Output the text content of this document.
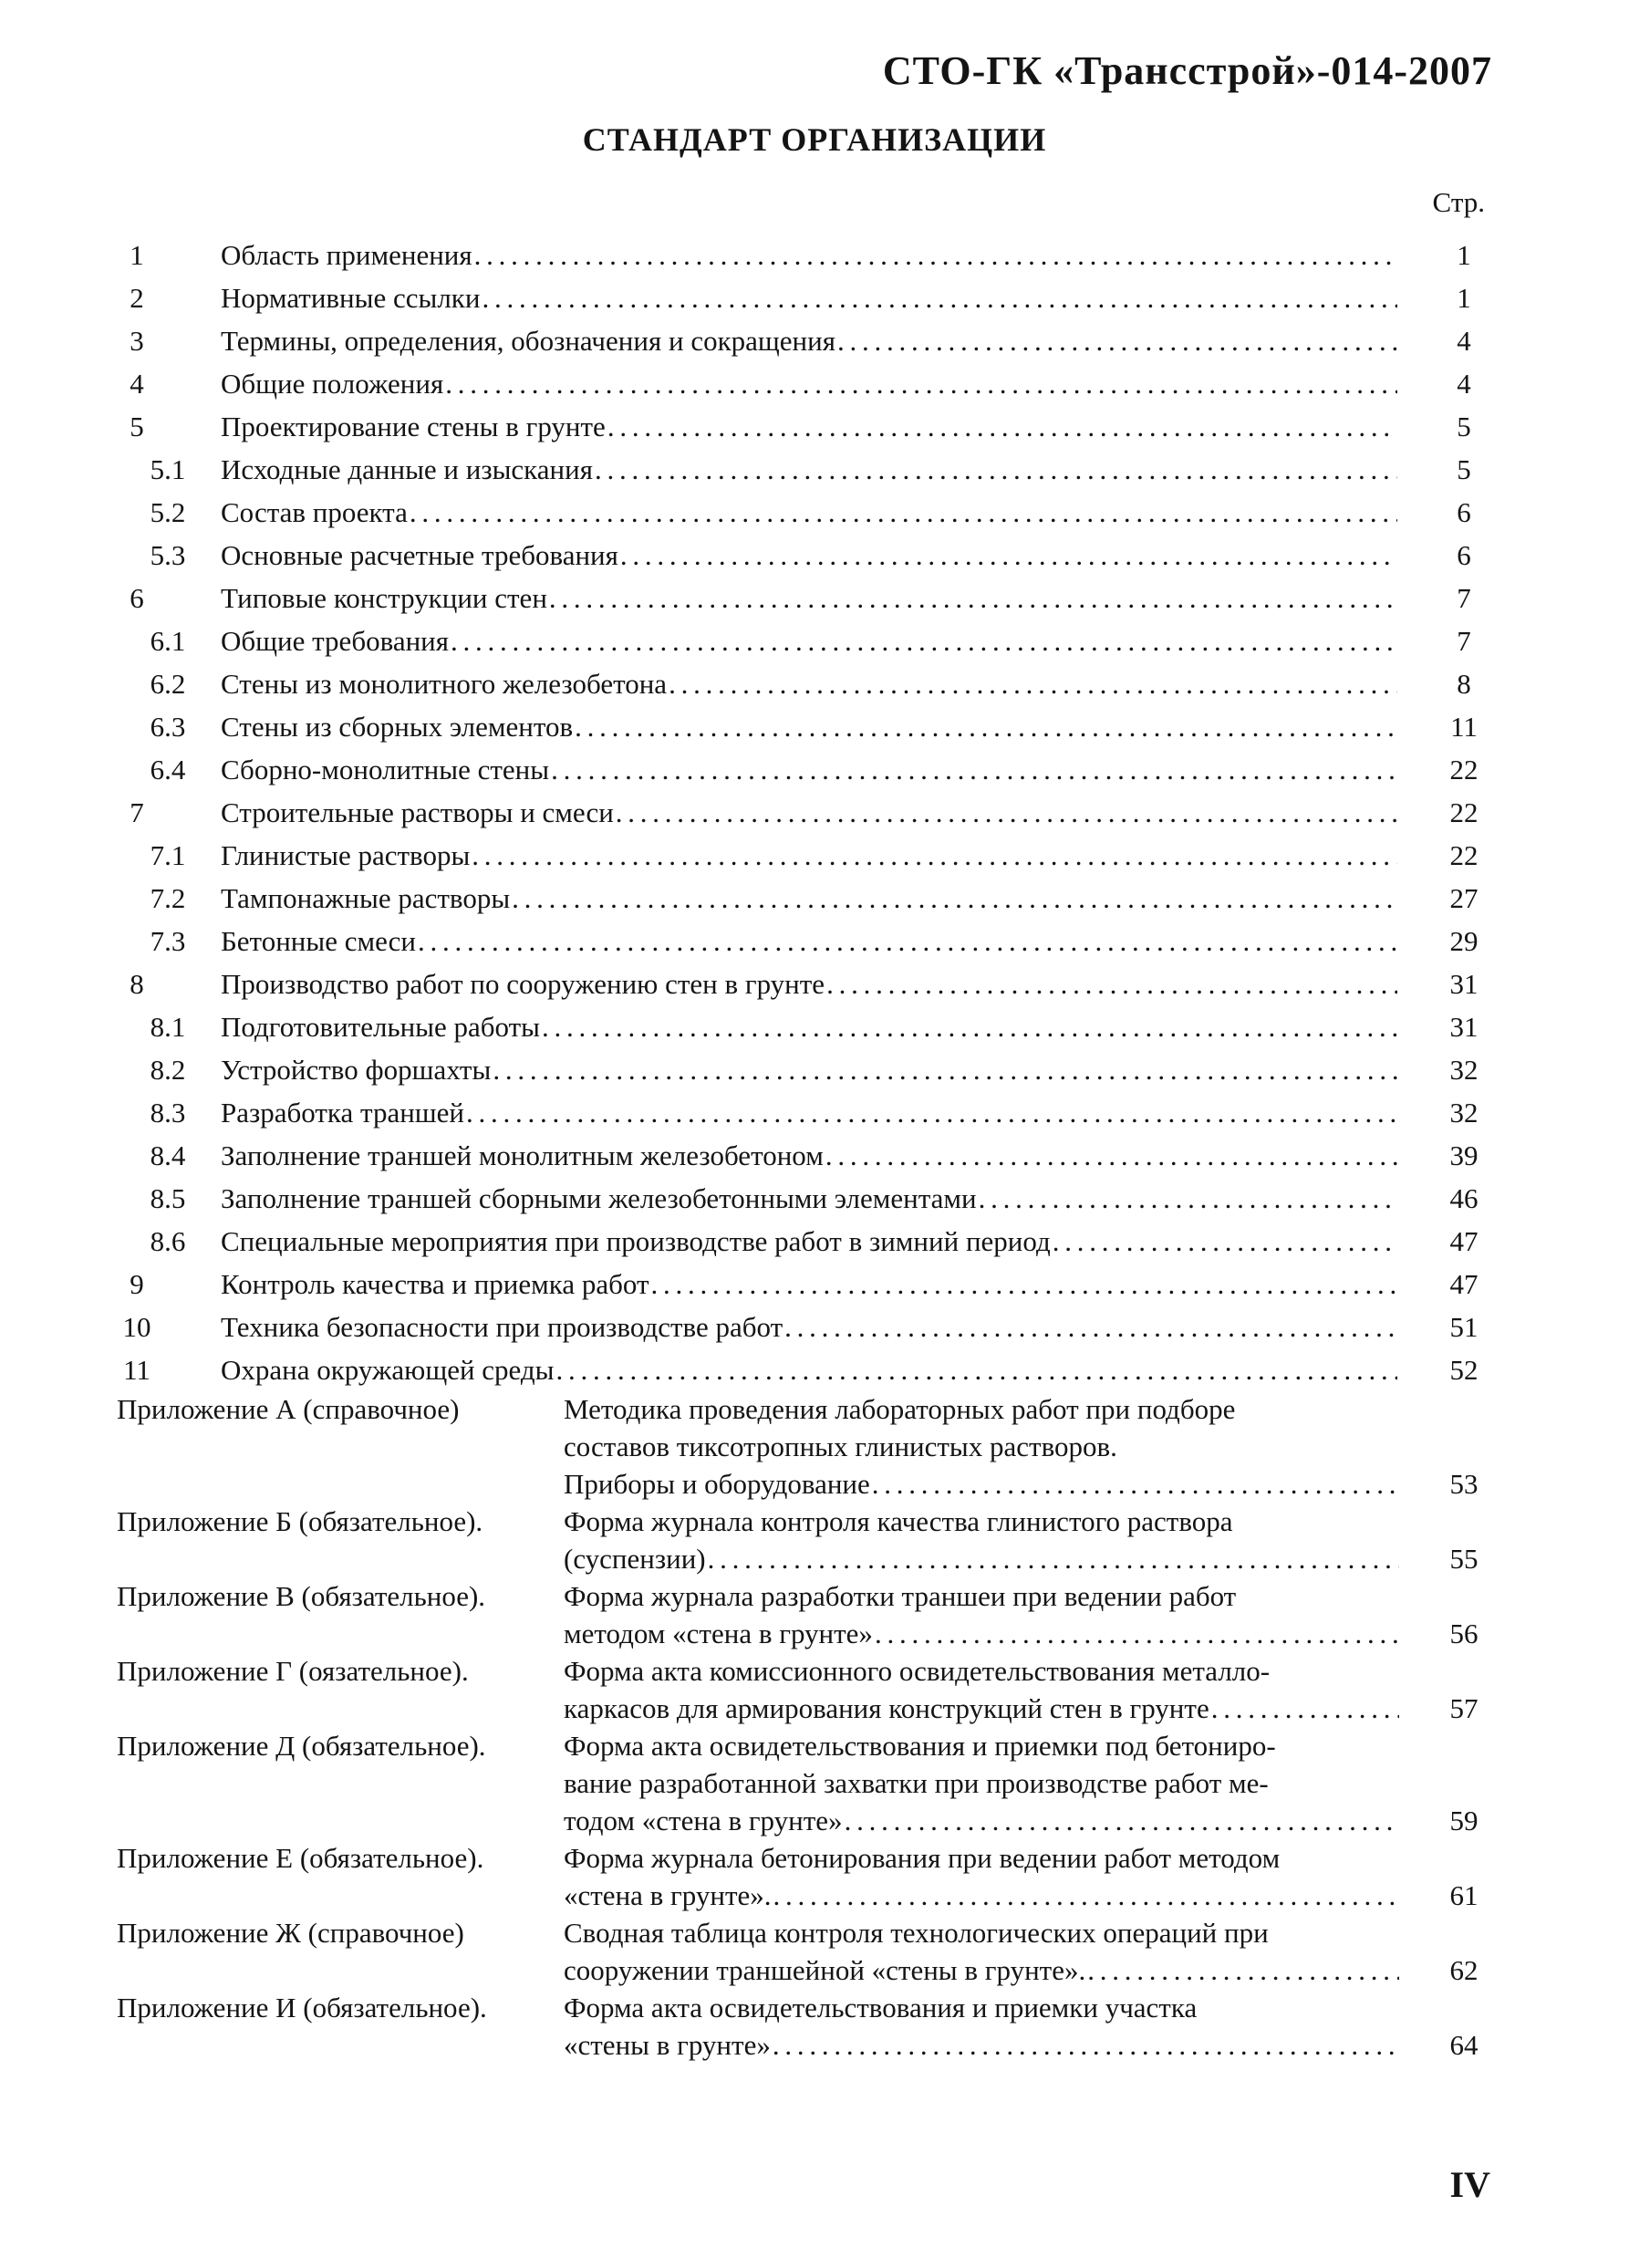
СТО-ГК «Трансстрой»-014-2007
СТАНДАРТ ОРГАНИЗАЦИИ
Стр.
1	Область применения . . .	1
2	Нормативные ссылки . . .	1
3	Термины, определения, обозначения и сокращения . . .	4
4	Общие положения . . .	4
5	Проектирование стены в грунте . . .	5
5.1	Исходные данные и изыскания . . .	5
5.2	Состав проекта . . .	6
5.3	Основные расчетные требования . . .	6
6	Типовые конструкции стен . . .	7
6.1	Общие требования . . .	7
6.2	Стены из монолитного железобетона . . .	8
6.3	Стены из сборных элементов . . .	11
6.4	Сборно-монолитные стены . . .	22
7	Строительные растворы и смеси . . .	22
7.1	Глинистые растворы . . .	22
7.2	Тампонажные растворы . . .	27
7.3	Бетонные смеси . . .	29
8	Производство работ по сооружению стен в грунте . . .	31
8.1	Подготовительные работы . . .	31
8.2	Устройство форшахты . . .	32
8.3	Разработка траншей . . .	32
8.4	Заполнение траншей монолитным железобетоном . . .	39
8.5	Заполнение траншей сборными железобетонными элементами . . .	46
8.6	Специальные мероприятия при производстве работ в зимний период . . .	47
9	Контроль качества и приемка работ . . .	47
10	Техника безопасности при производстве работ . . .	51
11	Охрана окружающей среды . . .	52
Приложение А (справочное)	Методика проведения лабораторных работ при подборе
составов тиксотропных глинистых растворов.
Приборы и оборудование . . .	53
Приложение Б (обязательное).	Форма журнала контроля качества глинистого раствора
(суспензии) . . .	55
Приложение В (обязательное).	Форма журнала разработки траншеи при ведении работ
методом «стена в грунте» . . .	56
Приложение Г (оязательное).	Форма акта комиссионного освидетельствования металло-
каркасов для армирования конструкций стен в грунте . . .	57
Приложение Д (обязательное).	Форма акта освидетельствования и приемки под бетониро-
вание разработанной захватки при производстве работ ме-
тодом «стена в грунте» . . .	59
Приложение Е (обязательное).	Форма журнала бетонирования при ведении работ методом
«стена в грунте». . . .	61
Приложение Ж (справочное)	Сводная таблица контроля технологических операций при
сооружении траншейной «стены в грунте». . . .	62
Приложение И (обязательное).	Форма акта освидетельствования и приемки участка
«стены в грунте» . . .	64
IV
